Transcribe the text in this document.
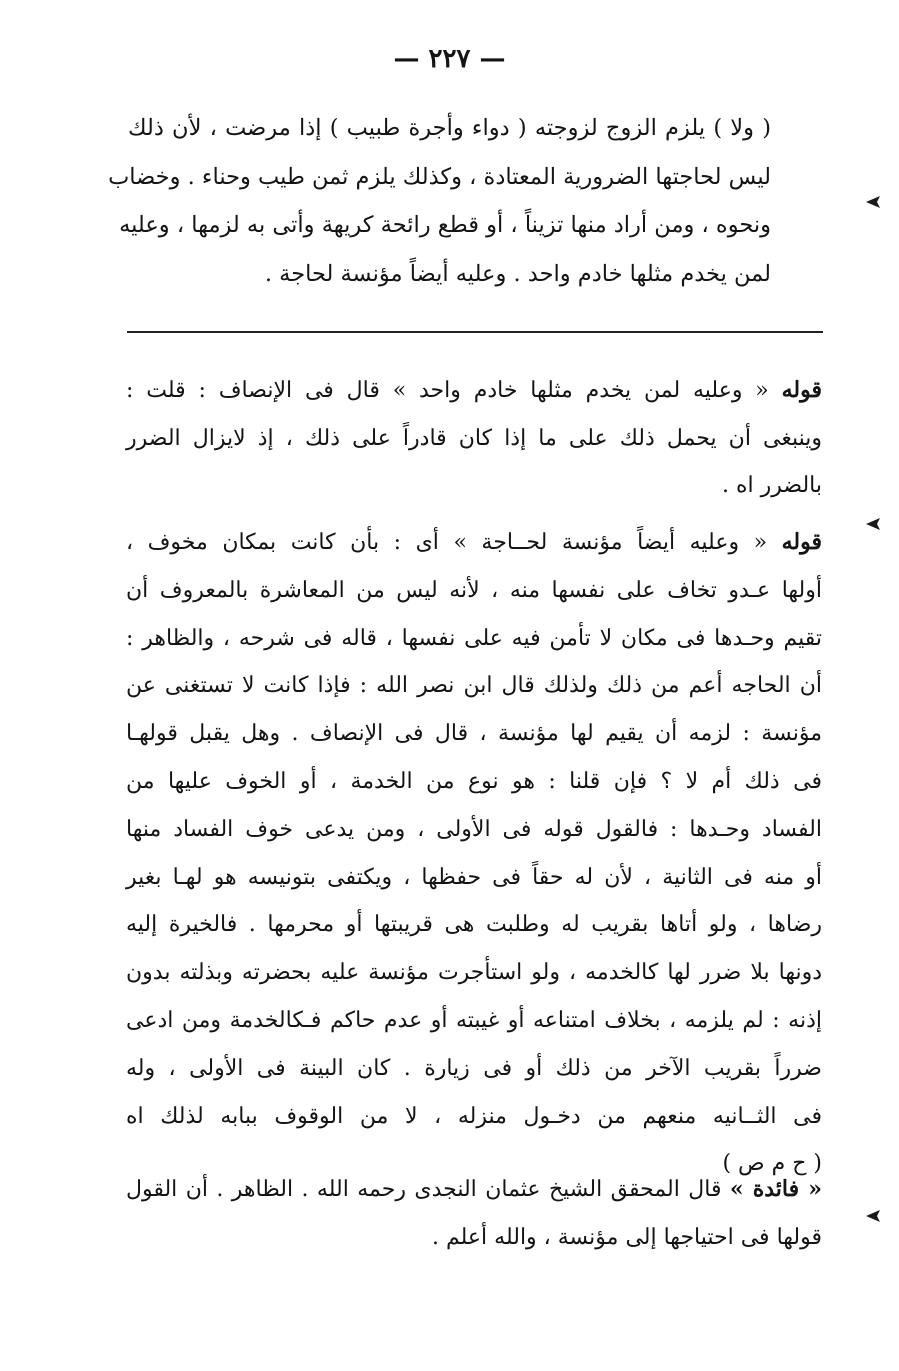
— ٢٢٧ —
( ولا ) يلزم الزوج لزوجته ( دواء وأجرة طبيب ) إذا مرضت ، لأن ذلك
ليس لحاجتها الضرورية المعتادة ، وكذلك يلزم ثمن طيب وحناء . وخضاب
ونحوه ، ومن أراد منها تزيناً ، أو قطع رائحة كريهة وأتى به لزمها ، وعليه
لمن يخدم مثلها خادم واحد . وعليه أيضاً مؤنسة لحاجة .
قوله « وعليه لمن يخدم مثلها خادم واحد » قال فى الإنصاف : قلت :
وينبغى أن يحمل ذلك على ما إذا كان قادراً على ذلك ، إذ لايزال الضرر
بالضرر اه .
قوله « وعليه أيضاً مؤنسة لحــاجة » أى : بأن كانت بمكان مخوف ،
أولها عـدو تخاف على نفسها منه ، لأنه ليس من المعاشرة بالمعروف أن
تقيم وحـدها فى مكان لا تأمن فيه على نفسها ، قاله فى شرحه ، والظاهر :
أن الحاجه أعم من ذلك ولذلك قال ابن نصر الله : فإذا كانت لا تستغنى عن
مؤنسة : لزمه أن يقيم لها مؤنسة ، قال فى الإنصاف . وهل يقبل قولهـا
فى ذلك أم لا ؟ فإن قلنا : هو نوع من الخدمة ، أو الخوف عليها من
الفساد وحـدها : فالقول قوله فى الأولى ، ومن يدعى خوف الفساد منها
أو منه فى الثانية ، لأن له حقاً فى حفظها ، ويكتفى بتونيسه هو لهـا بغير
رضاها ، ولو أتاها بقريب له وطلبت هى قريبتها أو محرمها . فالخيرة إليه
دونها بلا ضرر لها كالخدمه ، ولو استأجرت مؤنسة عليه بحضرته وبذلته بدون
إذنه : لم يلزمه ، بخلاف امتناعه أو غيبته أو عدم حاكم فـكالخدمة ومن ادعى
ضرراً بقريب الآخر من ذلك أو فى زيارة . كان البينة فى الأولى ، وله
فى الثــانيه منعهم من دخـول منزله ، لا من الوقوف ببابه لذلك اه
( ح م ص )
« فائدة » قال المحقق الشيخ عثمان النجدى رحمه الله . الظاهر . أن القول
قولها فى احتياجها إلى مؤنسة ، والله أعلم .
